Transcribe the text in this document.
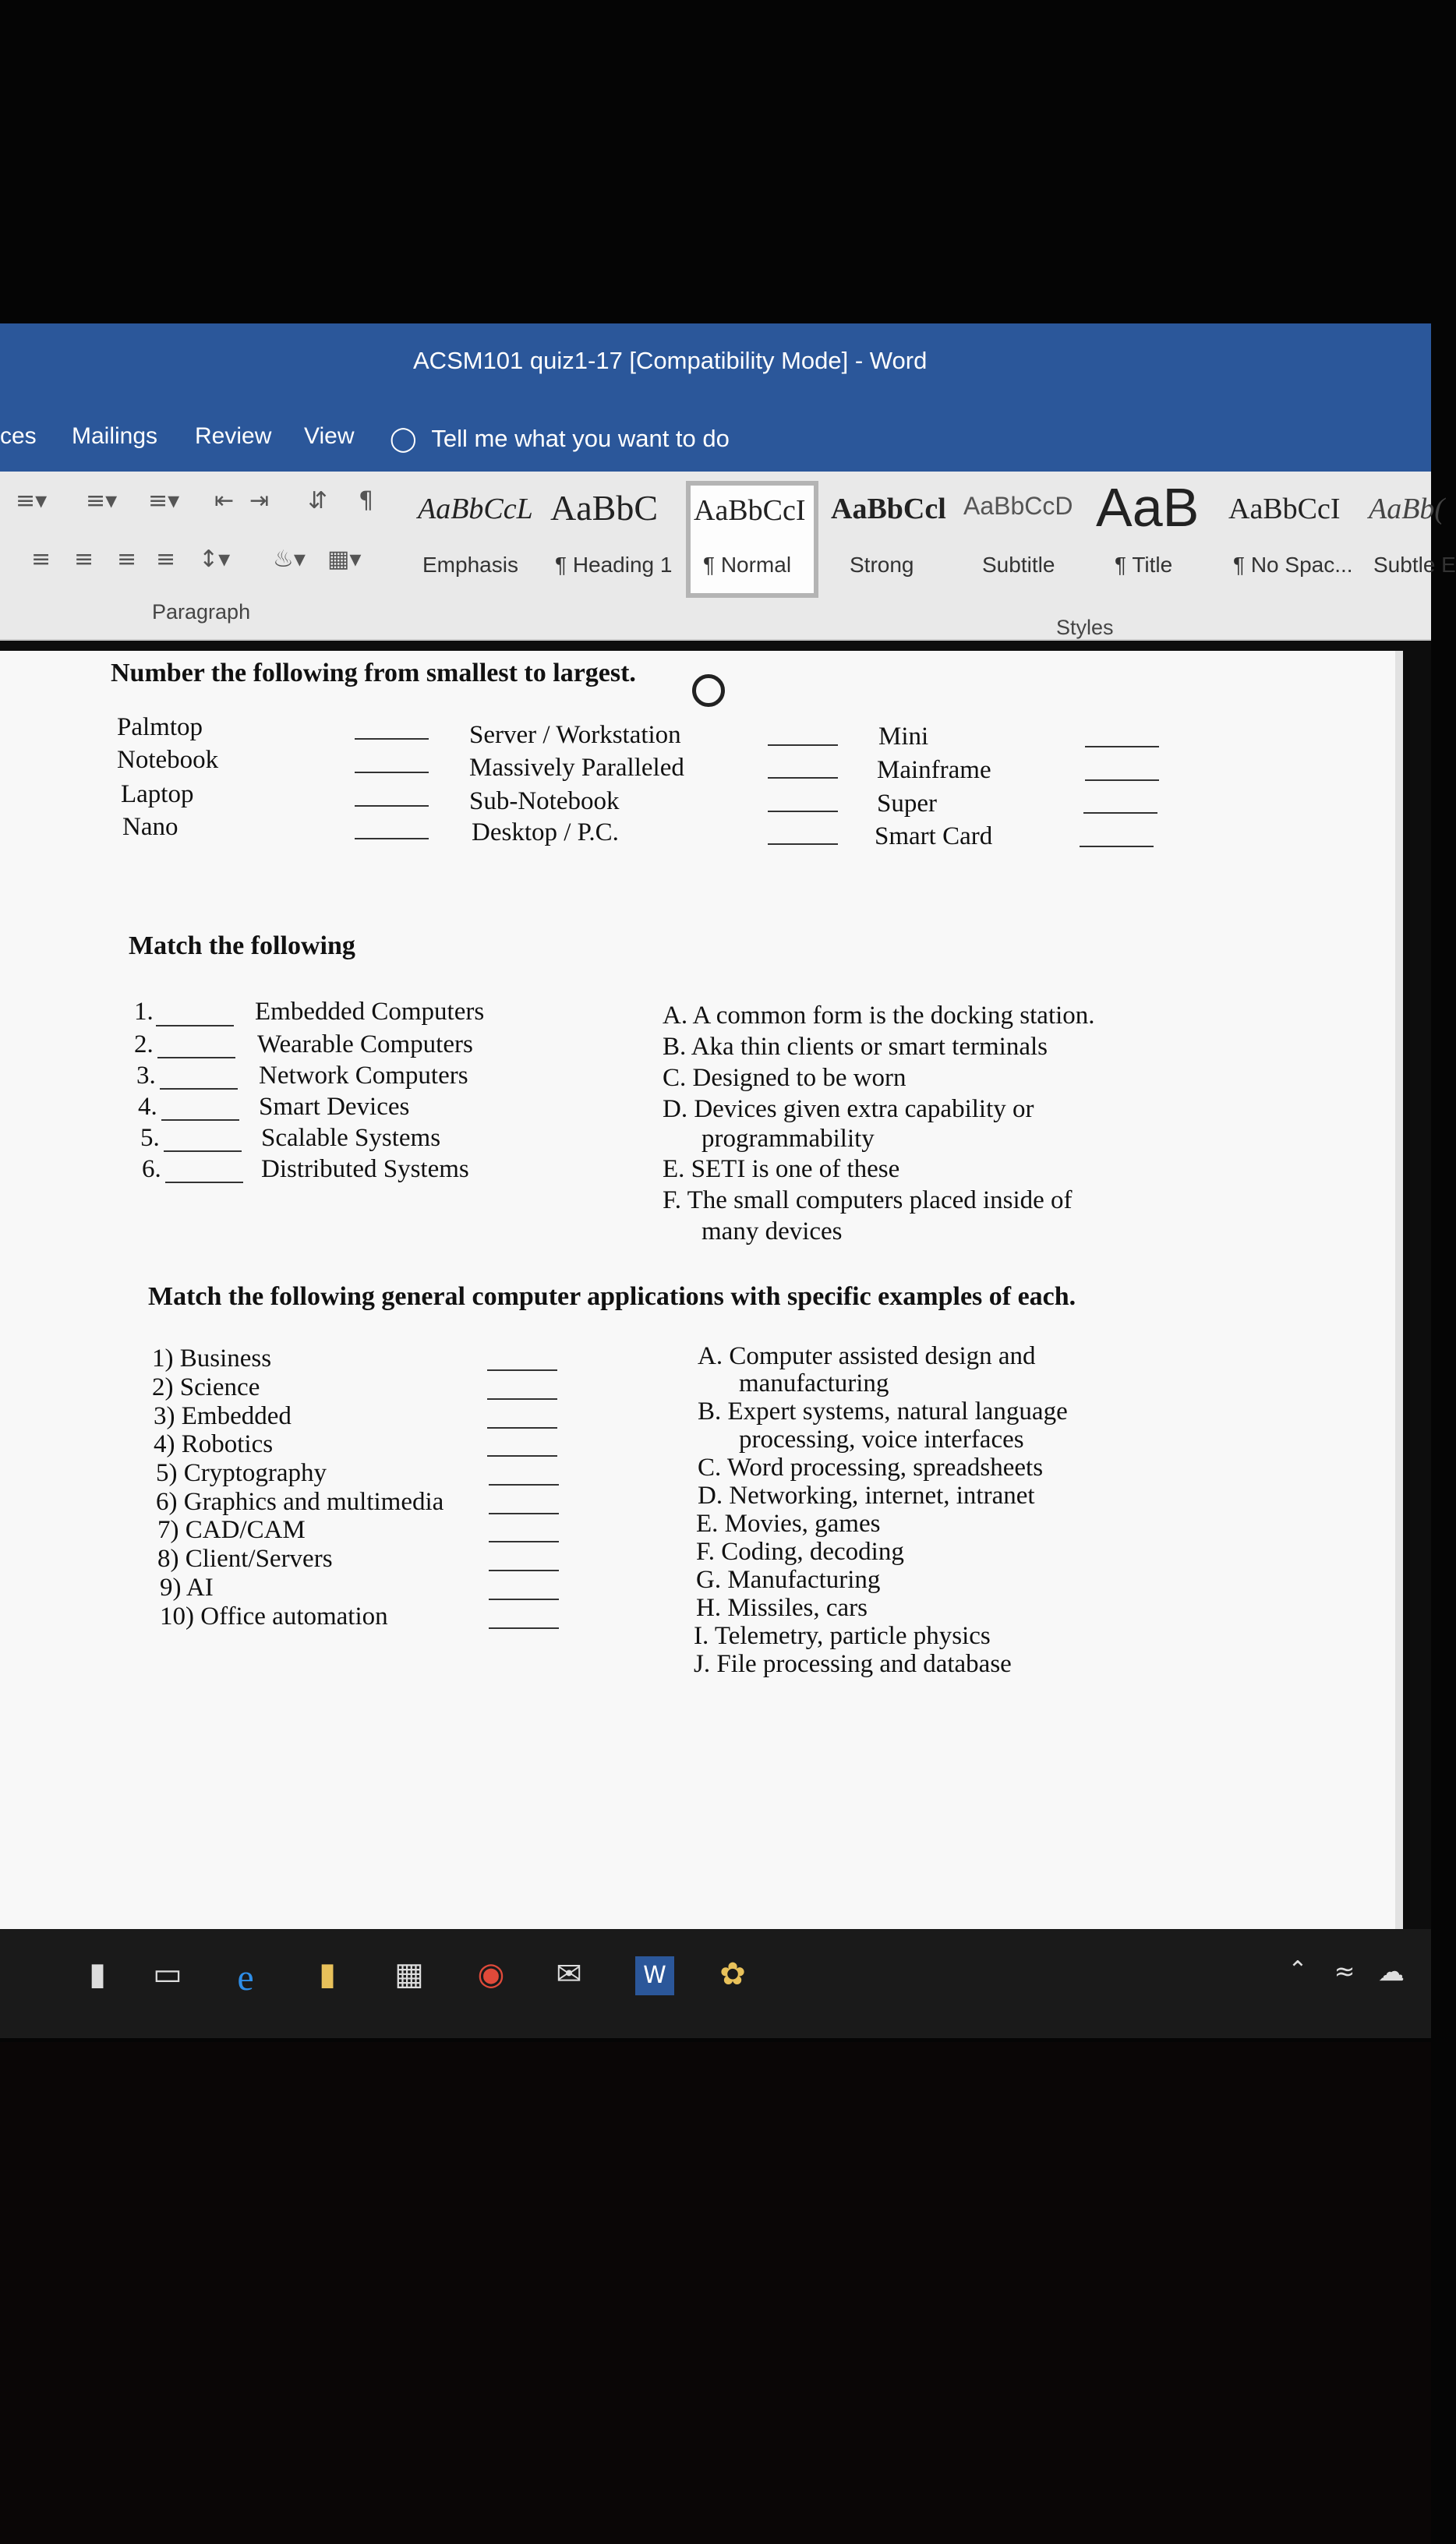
ACSM101 quiz1-17 [Compatibility Mode] - Word
ces Mailings Review View ◯ Tell me what you want to do
≡▾ ≡▾ ≡▾ ⇤ ⇥ ⇵ ¶
≡ ≡ ≡ ≡ ↕▾ ♨▾ ▦▾
AaBbCcL
Emphasis
AaBbC
¶ Heading 1
AaBbCcI
¶ Normal
AaBbCcl
Strong
AaBbCcD
Subtitle
AaB
¶ Title
AaBbCcI
¶ No Spac...
AaBb(
Subtle E
Paragraph
Styles
Number the following from smallest to largest.
Palmtop
Notebook
Laptop
Nano
Server / Workstation
Massively Paralleled
Sub-Notebook
Desktop / P.C.
Mini
Mainframe
Super
Smart Card
Match the following
1.
2.
3.
4.
5.
6.
Embedded Computers
Wearable Computers
Network Computers
Smart Devices
Scalable Systems
Distributed Systems
A. A common form is the docking station.
B. Aka thin clients or smart terminals
C. Designed to be worn
D. Devices given extra capability or
programmability
E. SETI is one of these
F. The small computers placed inside of
many devices
Match the following general computer applications with specific examples of each.
1) Business
2) Science
3) Embedded
4) Robotics
5) Cryptography
6) Graphics and multimedia
7) CAD/CAM
8) Client/Servers
9) AI
10) Office automation
A. Computer assisted design and
manufacturing
B. Expert systems, natural language
processing, voice interfaces
C. Word processing, spreadsheets
D. Networking, internet, intranet
E. Movies, games
F. Coding, decoding
G. Manufacturing
H. Missiles, cars
I. Telemetry, particle physics
J. File processing and database
▮	▭ e	▮	▦ ◉ ✉	W ✿	⌃	≈ ☁
